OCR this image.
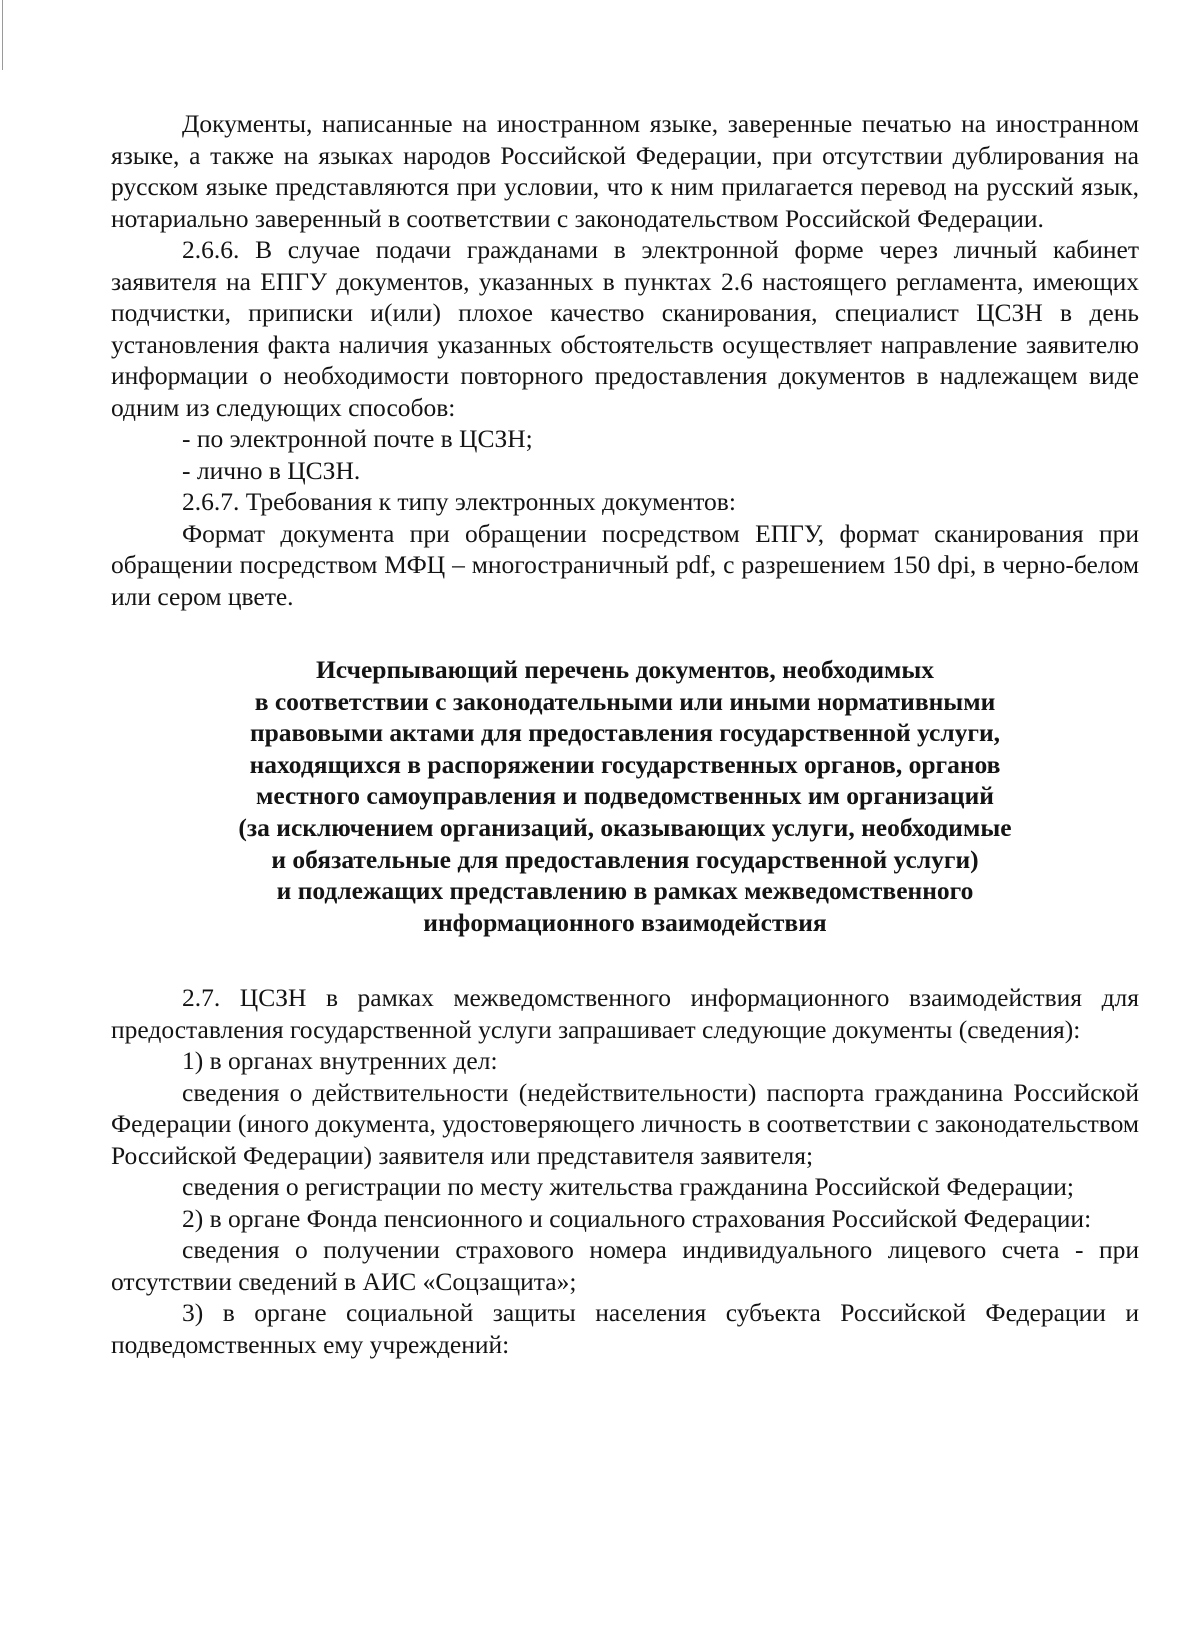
Документы, написанные на иностранном языке, заверенные печатью на иностранном языке, а также на языках народов Российской Федерации, при отсутствии дублирования на русском языке представляются при условии, что к ним прилагается перевод на русский язык, нотариально заверенный в соответствии с законодательством Российской Федерации.

2.6.6. В случае подачи гражданами в электронной форме через личный кабинет заявителя на ЕПГУ документов, указанных в пунктах 2.6 настоящего регламента, имеющих подчистки, приписки и(или) плохое качество сканирования, специалист ЦСЗН в день установления факта наличия указанных обстоятельств осуществляет направление заявителю информации о необходимости повторного предоставления документов в надлежащем виде одним из следующих способов:

- по электронной почте в ЦСЗН;

- лично в ЦСЗН.

2.6.7. Требования к типу электронных документов:

Формат документа при обращении посредством ЕПГУ, формат сканирования при обращении посредством МФЦ – многостраничный pdf, с разрешением 150 dpi, в черно-белом или сером цвете.

Исчерпывающий перечень документов, необходимых
в соответствии с законодательными или иными нормативными
правовыми актами для предоставления государственной услуги,
находящихся в распоряжении государственных органов, органов
местного самоуправления и подведомственных им организаций
(за исключением организаций, оказывающих услуги, необходимые
и обязательные для предоставления государственной услуги)
и подлежащих представлению в рамках межведомственного
информационного взаимодействия

2.7. ЦСЗН в рамках межведомственного информационного взаимодействия для предоставления государственной услуги запрашивает следующие документы (сведения):

1) в органах внутренних дел:

сведения о действительности (недействительности) паспорта гражданина Российской Федерации (иного документа, удостоверяющего личность в соответствии с законодательством Российской Федерации) заявителя или представителя заявителя;

сведения о регистрации по месту жительства гражданина Российской Федерации;

2) в органе Фонда пенсионного и социального страхования Российской Федерации:

сведения о получении страхового номера индивидуального лицевого счета - при отсутствии сведений в АИС «Соцзащита»;

3) в органе социальной защиты населения субъекта Российской Федерации и подведомственных ему учреждений:
